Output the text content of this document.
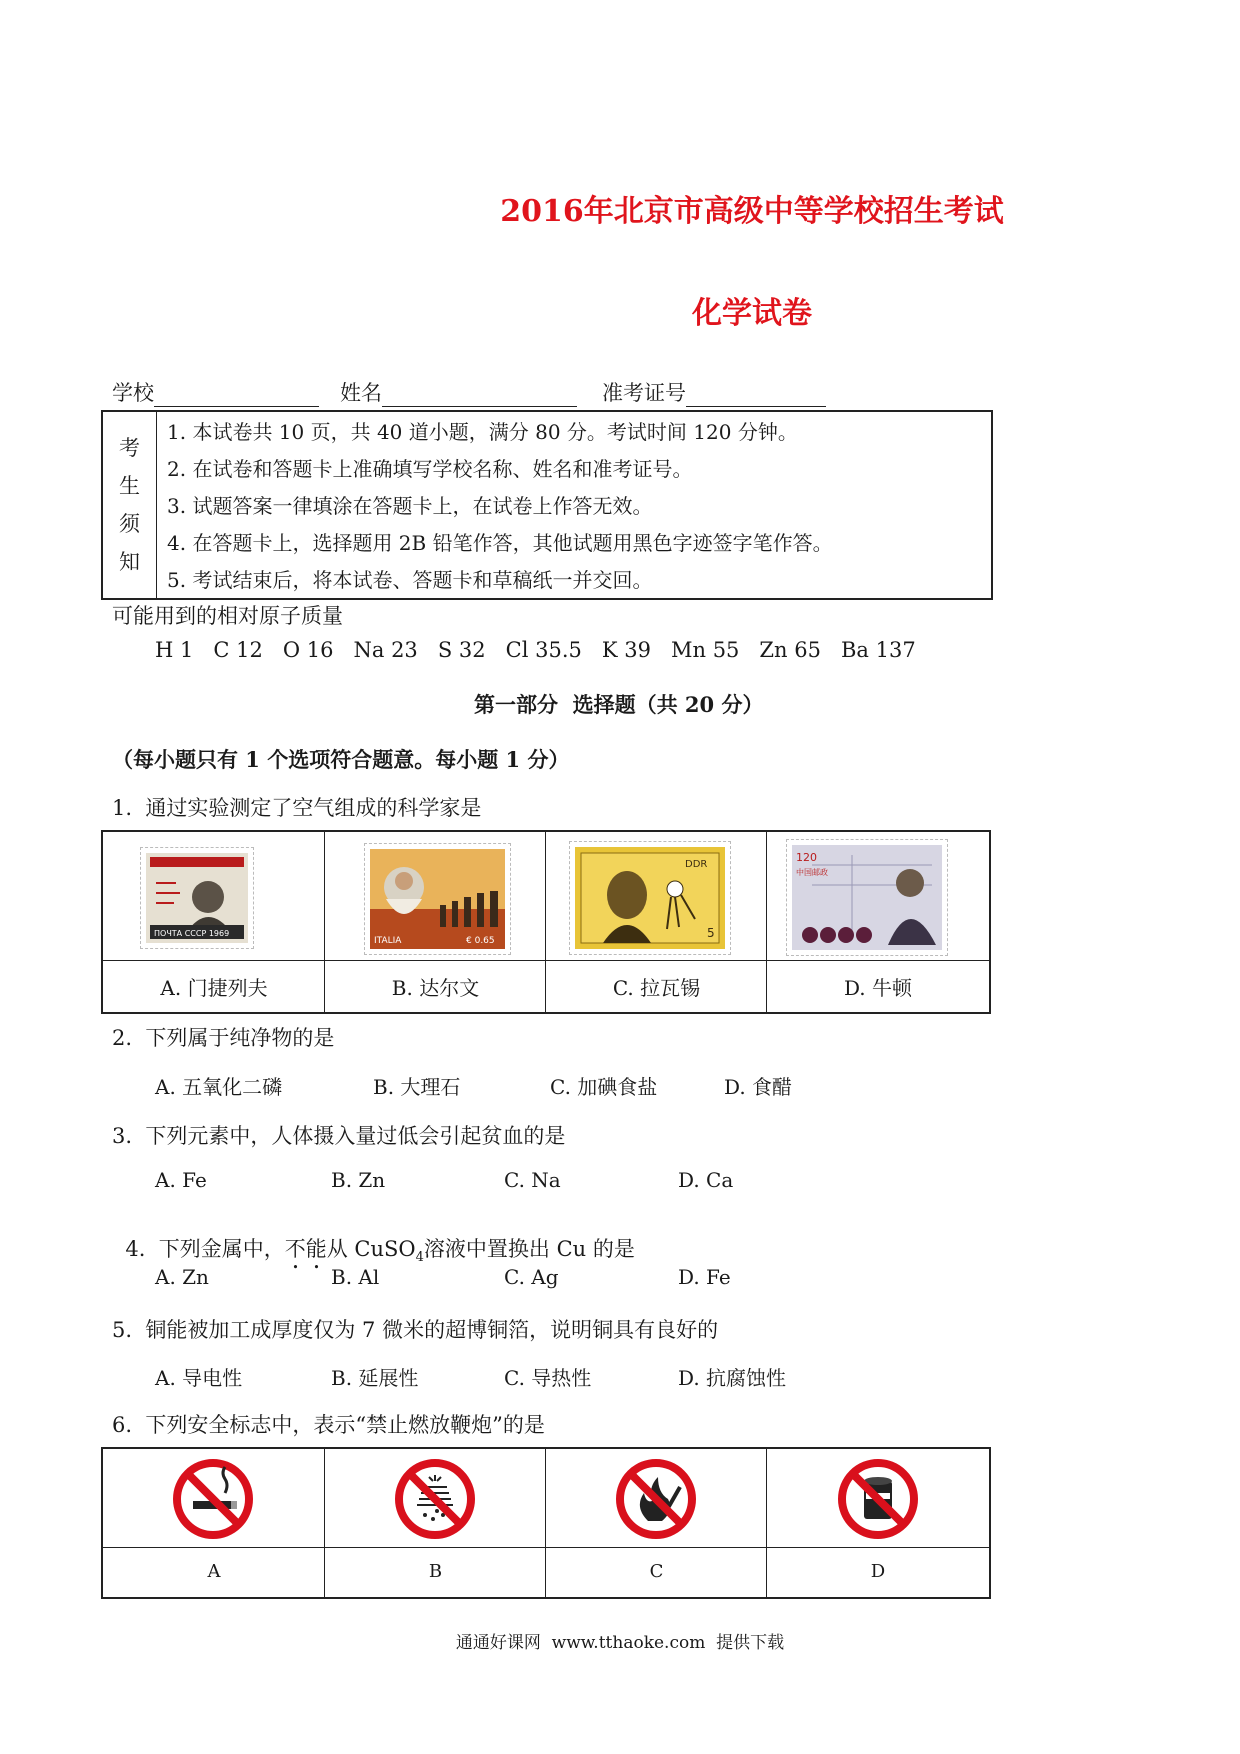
2016年北京市高级中等学校招生考试
化学试卷
学校	姓名	准考证号
考
生
须
知
1. 本试卷共 10 页，共 40 道小题，满分 80 分。考试时间 120 分钟。
2. 在试卷和答题卡上准确填写学校名称、姓名和准考证号。
3. 试题答案一律填涂在答题卡上，在试卷上作答无效。
4. 在答题卡上，选择题用 2B 铅笔作答，其他试题用黑色字迹签字笔作答。
5. 考试结束后，将本试卷、答题卡和草稿纸一并交回。
可能用到的相对原子质量
H 1   C 12   O 16   Na 23   S 32   Cl 35.5   K 39   Mn 55   Zn 65   Ba 137
第一部分  选择题（共 20 分）
（每小题只有 1 个选项符合题意。每小题 1 分）
1.  通过实验测定了空气组成的科学家是
ПОЧТА СССР 1969
ITALIA	€ 0.65
DDR
5
120
中国邮政
A. 门捷列夫	B. 达尔文	C. 拉瓦锡	D. 牛顿
2.  下列属于纯净物的是
A. 五氧化二磷	B. 大理石	C. 加碘食盐	D. 食醋
3.  下列元素中，人体摄入量过低会引起贫血的是
A. Fe	B. Zn	C. Na	D. Ca

4.  下列金属中，不能从 CuSO$_4$溶液中置换出 Cu 的是

A. Zn	B. Al	C. Ag	D. Fe
5.  铜能被加工成厚度仅为 7 微米的超博铜箔，说明铜具有良好的
A. 导电性	B. 延展性	C. 导热性	D. 抗腐蚀性
6.  下列安全标志中，表示“禁止燃放鞭炮”的是
A	B	C	D
通通好课网  www.tthaoke.com  提供下载
